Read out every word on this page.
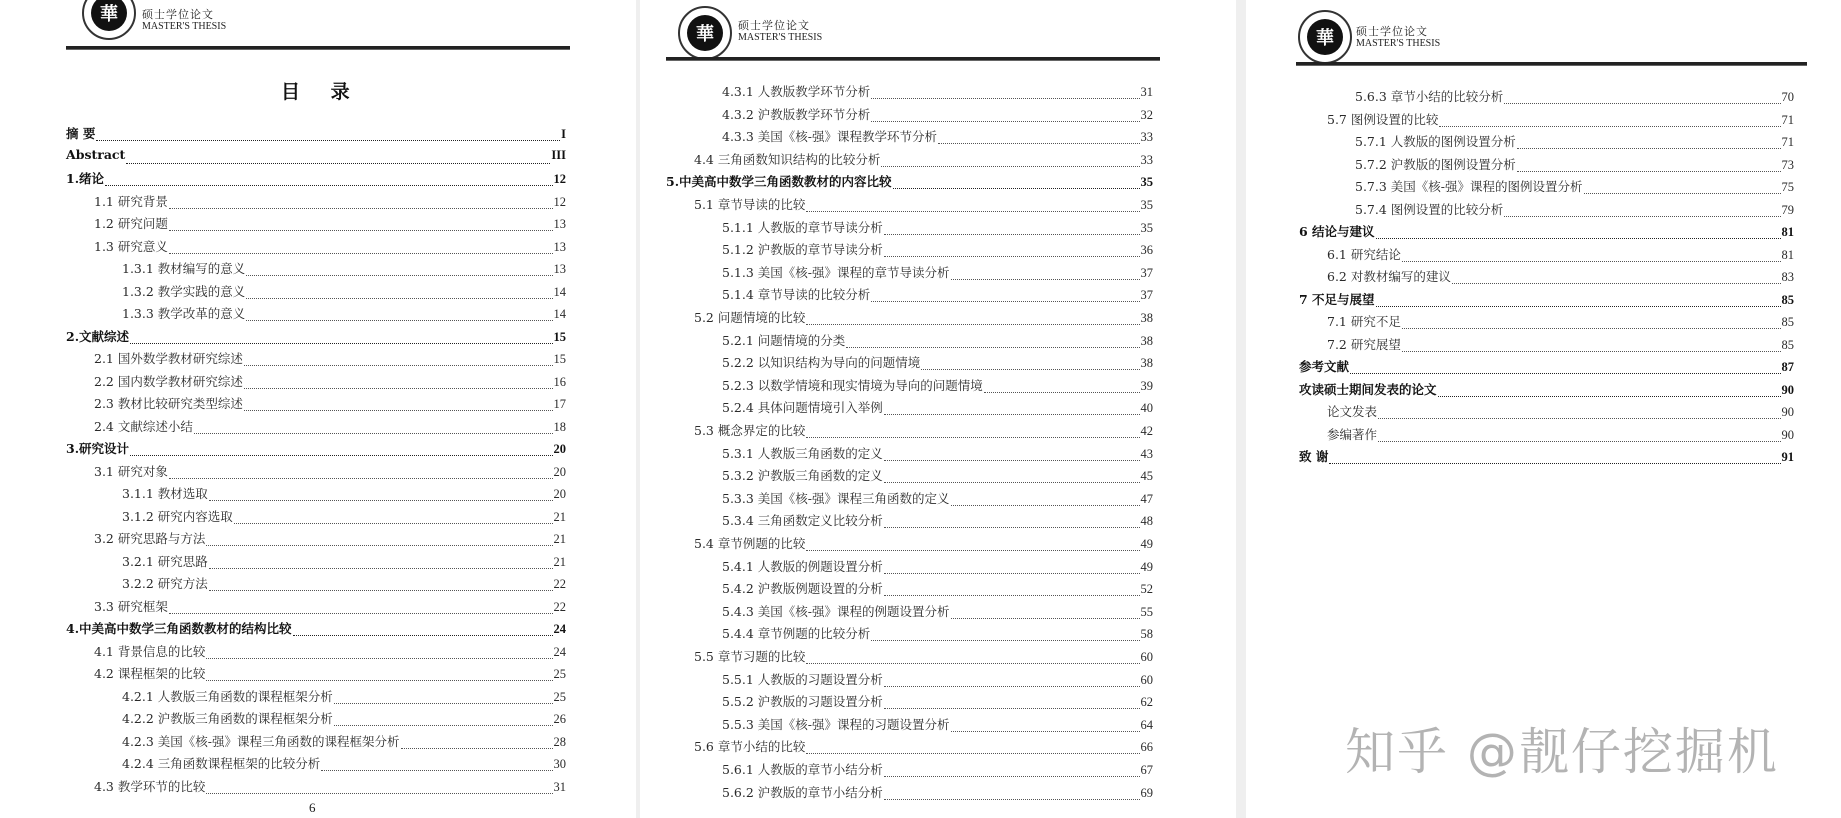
華	硕士学位论文
MASTER'S THESIS
目 录
摘 要	I
Abstract	III
1.绪论	12
1.1 研究背景	12
1.2 研究问题	13
1.3 研究意义	13
1.3.1 教材编写的意义	13
1.3.2 教学实践的意义	14
1.3.3 教学改革的意义	14
2.文献综述	15
2.1 国外数学教材研究综述	15
2.2 国内数学教材研究综述	16
2.3 教材比较研究类型综述	17
2.4 文献综述小结	18
3.研究设计	20
3.1 研究对象	20
3.1.1 教材选取	20
3.1.2 研究内容选取	21
3.2 研究思路与方法	21
3.2.1 研究思路	21
3.2.2 研究方法	22
3.3 研究框架	22
4.中美高中数学三角函数教材的结构比较	24
4.1 背景信息的比较	24
4.2 课程框架的比较	25
4.2.1 人教版三角函数的课程框架分析	25
4.2.2 沪教版三角函数的课程框架分析	26
4.2.3 美国《核-强》课程三角函数的课程框架分析	28
4.2.4 三角函数课程框架的比较分析	30
4.3 教学环节的比较	31
6
華	硕士学位论文
MASTER'S THESIS
4.3.1 人教版教学环节分析	31
4.3.2 沪教版教学环节分析	32
4.3.3 美国《核-强》课程教学环节分析	33
4.4 三角函数知识结构的比较分析	33
5.中美高中数学三角函数教材的内容比较	35
5.1 章节导读的比较	35
5.1.1 人教版的章节导读分析	35
5.1.2 沪教版的章节导读分析	36
5.1.3 美国《核-强》课程的章节导读分析	37
5.1.4 章节导读的比较分析	37
5.2 问题情境的比较	38
5.2.1 问题情境的分类	38
5.2.2 以知识结构为导向的问题情境	38
5.2.3 以数学情境和现实情境为导向的问题情境	39
5.2.4 具体问题情境引入举例	40
5.3 概念界定的比较	42
5.3.1 人教版三角函数的定义	43
5.3.2 沪教版三角函数的定义	45
5.3.3 美国《核-强》课程三角函数的定义	47
5.3.4 三角函数定义比较分析	48
5.4 章节例题的比较	49
5.4.1 人教版的例题设置分析	49
5.4.2 沪教版例题设置的分析	52
5.4.3 美国《核-强》课程的例题设置分析	55
5.4.4 章节例题的比较分析	58
5.5 章节习题的比较	60
5.5.1 人教版的习题设置分析	60
5.5.2 沪教版的习题设置分析	62
5.5.3 美国《核-强》课程的习题设置分析	64
5.6 章节小结的比较	66
5.6.1 人教版的章节小结分析	67
5.6.2 沪教版的章节小结分析	69
華	硕士学位论文
MASTER'S THESIS
5.6.3 章节小结的比较分析	70
5.7 图例设置的比较	71
5.7.1 人教版的图例设置分析	71
5.7.2 沪教版的图例设置分析	73
5.7.3 美国《核-强》课程的图例设置分析	75
5.7.4 图例设置的比较分析	79
6 结论与建议	81
6.1 研究结论	81
6.2 对教材编写的建议	83
7 不足与展望	85
7.1 研究不足	85
7.2 研究展望	85
参考文献	87
攻读硕士期间发表的论文	90
论文发表	90
参编著作	90
致 谢	91
知乎 @靓仔挖掘机
